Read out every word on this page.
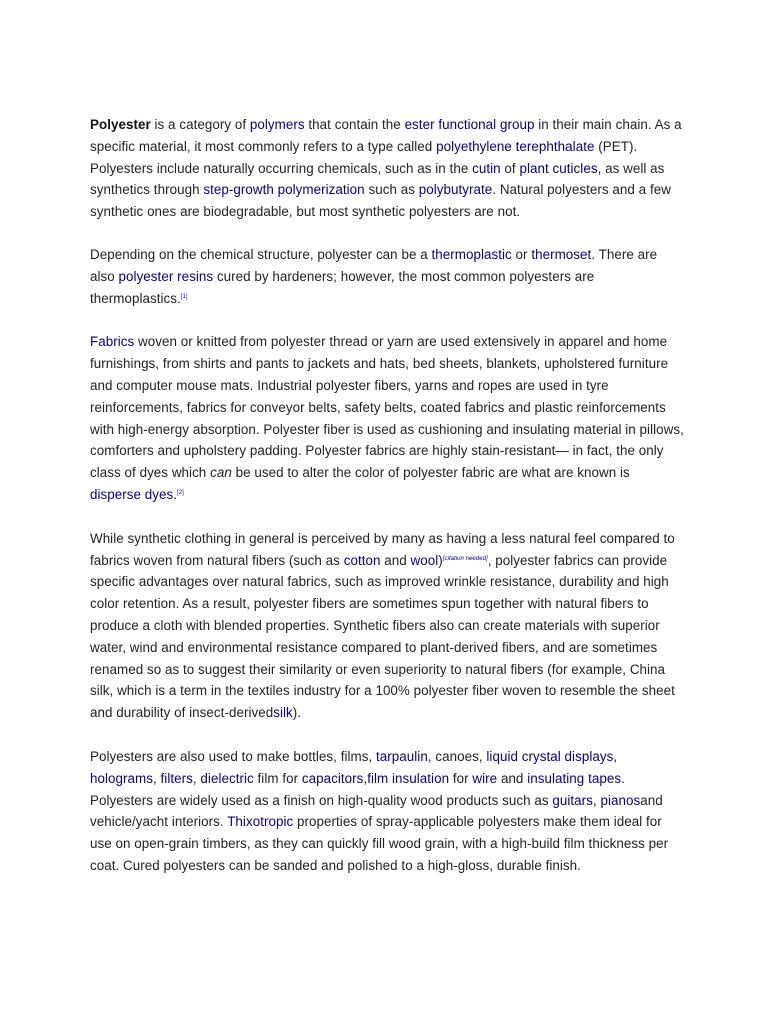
Polyester is a category of polymers that contain the ester functional group in their main chain. As a specific material, it most commonly refers to a type called polyethylene terephthalate (PET). Polyesters include naturally occurring chemicals, such as in the cutin of plant cuticles, as well as synthetics through step-growth polymerization such as polybutyrate. Natural polyesters and a few synthetic ones are biodegradable, but most synthetic polyesters are not.

Depending on the chemical structure, polyester can be a thermoplastic or thermoset. There are also polyester resins cured by hardeners; however, the most common polyesters are thermoplastics.[1]

Fabrics woven or knitted from polyester thread or yarn are used extensively in apparel and home furnishings, from shirts and pants to jackets and hats, bed sheets, blankets, upholstered furniture and computer mouse mats. Industrial polyester fibers, yarns and ropes are used in tyre reinforcements, fabrics for conveyor belts, safety belts, coated fabrics and plastic reinforcements with high-energy absorption. Polyester fiber is used as cushioning and insulating material in pillows, comforters and upholstery padding. Polyester fabrics are highly stain-resistant— in fact, the only class of dyes which can be used to alter the color of polyester fabric are what are known is disperse dyes.[2]

While synthetic clothing in general is perceived by many as having a less natural feel compared to fabrics woven from natural fibers (such as cotton and wool)[citation needed], polyester fabrics can provide specific advantages over natural fabrics, such as improved wrinkle resistance, durability and high color retention. As a result, polyester fibers are sometimes spun together with natural fibers to produce a cloth with blended properties. Synthetic fibers also can create materials with superior water, wind and environmental resistance compared to plant-derived fibers, and are sometimes renamed so as to suggest their similarity or even superiority to natural fibers (for example, China silk, which is a term in the textiles industry for a 100% polyester fiber woven to resemble the sheet and durability of insect-derivedsilk).

Polyesters are also used to make bottles, films, tarpaulin, canoes, liquid crystal displays, holograms, filters, dielectric film for capacitors,film insulation for wire and insulating tapes. Polyesters are widely used as a finish on high-quality wood products such as guitars, pianosand vehicle/yacht interiors. Thixotropic properties of spray-applicable polyesters make them ideal for use on open-grain timbers, as they can quickly fill wood grain, with a high-build film thickness per coat. Cured polyesters can be sanded and polished to a high-gloss, durable finish.
